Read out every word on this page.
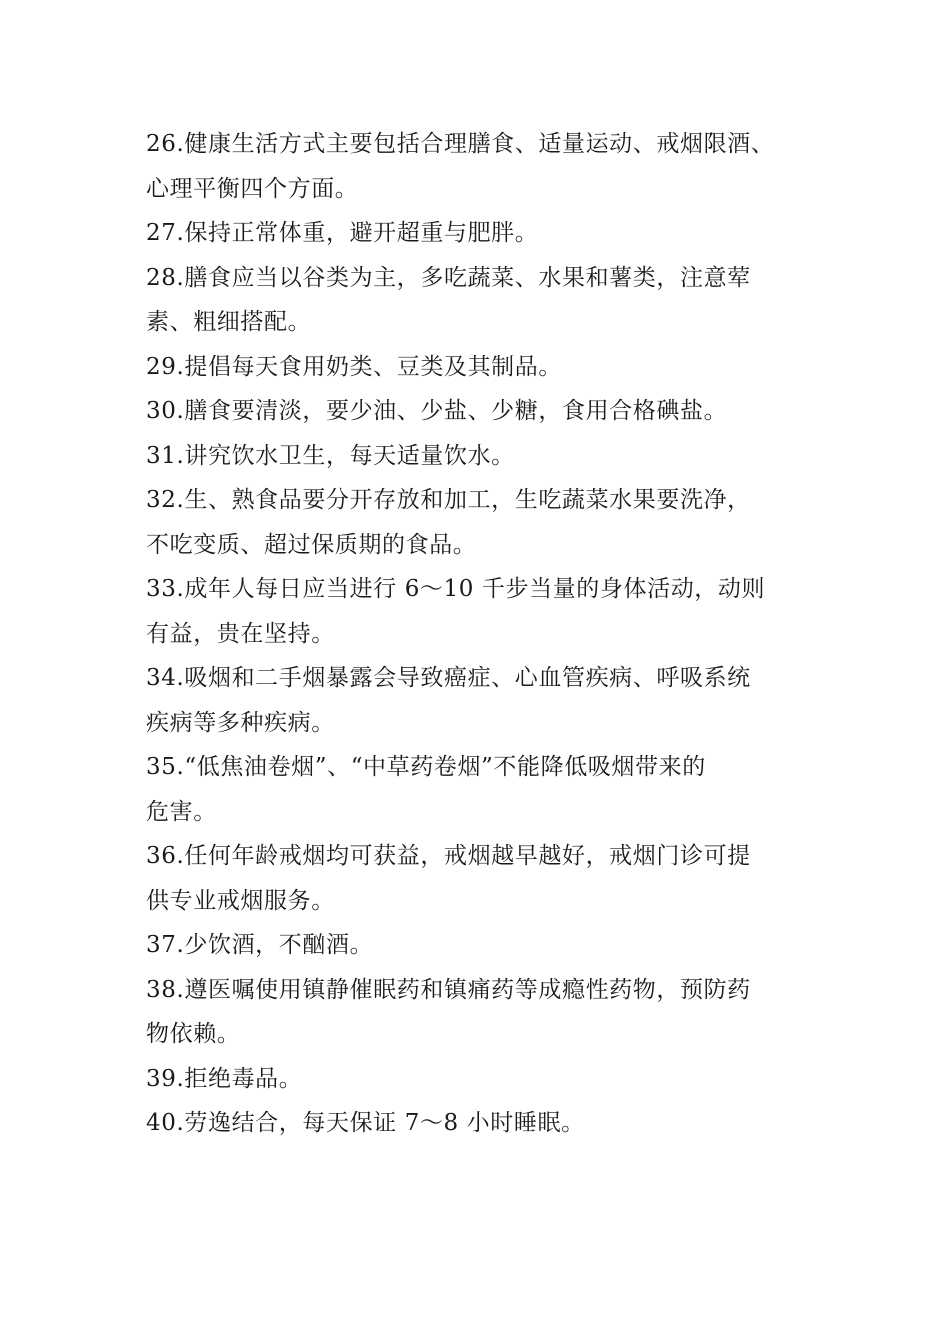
26.健康生活方式主要包括合理膳食、适量运动、戒烟限酒、
心理平衡四个方面。
27.保持正常体重，避开超重与肥胖。
28.膳食应当以谷类为主，多吃蔬菜、水果和薯类，注意荤
素、粗细搭配。
29.提倡每天食用奶类、豆类及其制品。
30.膳食要清淡，要少油、少盐、少糖，食用合格碘盐。
31.讲究饮水卫生，每天适量饮水。
32.生、熟食品要分开存放和加工，生吃蔬菜水果要洗净，
不吃变质、超过保质期的食品。
33.成年人每日应当进行 6～10 千步当量的身体活动，动则
有益，贵在坚持。
34.吸烟和二手烟暴露会导致癌症、心血管疾病、呼吸系统
疾病等多种疾病。
35.“低焦油卷烟”、“中草药卷烟”不能降低吸烟带来的
危害。
36.任何年龄戒烟均可获益，戒烟越早越好，戒烟门诊可提
供专业戒烟服务。
37.少饮酒，不酗酒。
38.遵医嘱使用镇静催眠药和镇痛药等成瘾性药物，预防药
物依赖。
39.拒绝毒品。
40.劳逸结合，每天保证 7～8 小时睡眠。
